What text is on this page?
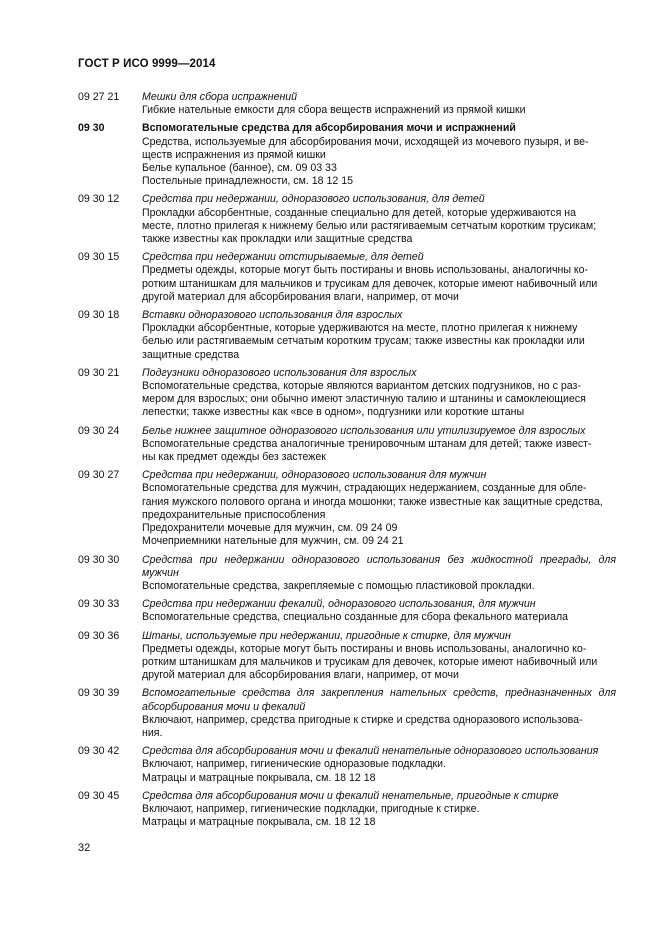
ГОСТ Р ИСО 9999—2014
09 27 21	Мешки для сбора испражнений
Гибкие нательные емкости для сбора веществ испражнений из прямой кишки
09 30	Вспомогательные средства для абсорбирования мочи и испражнений
Средства, используемые для абсорбирования мочи, исходящей из мочевого пузыря, и ве-
ществ испражнения из прямой кишки
Белье купальное (банное), см. 09 03 33
Постельные принадлежности, см. 18 12 15
09 30 12	Средства при недержании, одноразового использования, для детей
Прокладки абсорбентные, созданные специально для детей, которые удерживаются на
месте, плотно прилегая к нижнему белью или растягиваемым сетчатым коротким трусикам;
также известны как прокладки или защитные средства
09 30 15	Средства при недержании отстирываемые, для детей
Предметы одежды, которые могут быть постираны и вновь использованы, аналогичны ко-
ротким штанишкам для мальчиков и трусикам для девочек, которые имеют набивочный или
другой материал для абсорбирования влаги, например, от мочи
09 30 18	Вставки одноразового использования для взрослых
Прокладки абсорбентные, которые удерживаются на месте, плотно прилегая к нижнему
белью или растягиваемым сетчатым коротким трусам; также известны как прокладки или
защитные средства
09 30 21	Подгузники одноразового использования для взрослых
Вспомогательные средства, которые являются вариантом детских подгузников, но с раз-
мером для взрослых; они обычно имеют эластичную талию и штанины и самоклеющиеся
лепестки; также известны как «все в одном», подгузники или короткие штаны
09 30 24	Белье нижнее защитное одноразового использования или утилизируемое для взрослых
Вспомогательные средства аналогичные тренировочным штанам для детей; также извест-
ны как предмет одежды без застежек
09 30 27	Средства при недержании, одноразового использования для мужчин
Вспомогательные средства для мужчин, страдающих недержанием, созданные для обле-
гания мужского полового органа и иногда мошонки; также известные как защитные средства,
предохранительные приспособления
Предохранители мочевые для мужчин, см. 09 24 09
Мочеприемники нательные для мужчин, см. 09 24 21
09 30 30	Средства при недержании одноразового использования без жидкостной преграды, для мужчин
Вспомогательные средства, закрепляемые с помощью пластиковой прокладки.
09 30 33	Средства при недержании фекалий, одноразового использования, для мужчин
Вспомогательные средства, специально созданные для сбора фекального материала
09 30 36	Штаны, используемые при недержании, пригодные к стирке, для мужчин
Предметы одежды, которые могут быть постираны и вновь использованы, аналогично ко-
ротким штанишкам для мальчиков и трусикам для девочек, которые имеют набивочный или
другой материал для абсорбирования влаги, например, от мочи
09 30 39	Вспомогательные средства для закрепления нательных средств, предназначенных для абсорбирования мочи и фекалий
Включают, например, средства пригодные к стирке и средства одноразового использова-
ния.
09 30 42	Средства для абсорбирования мочи и фекалий ненательные одноразового использования
Включают, например, гигиенические одноразовые подкладки.
Матрацы и матрацные покрывала, см. 18 12 18
09 30 45	Средства для абсорбирования мочи и фекалий ненательные, пригодные к стирке
Включают, например, гигиенические подкладки, пригодные к стирке.
Матрацы и матрацные покрывала, см. 18 12 18
32
